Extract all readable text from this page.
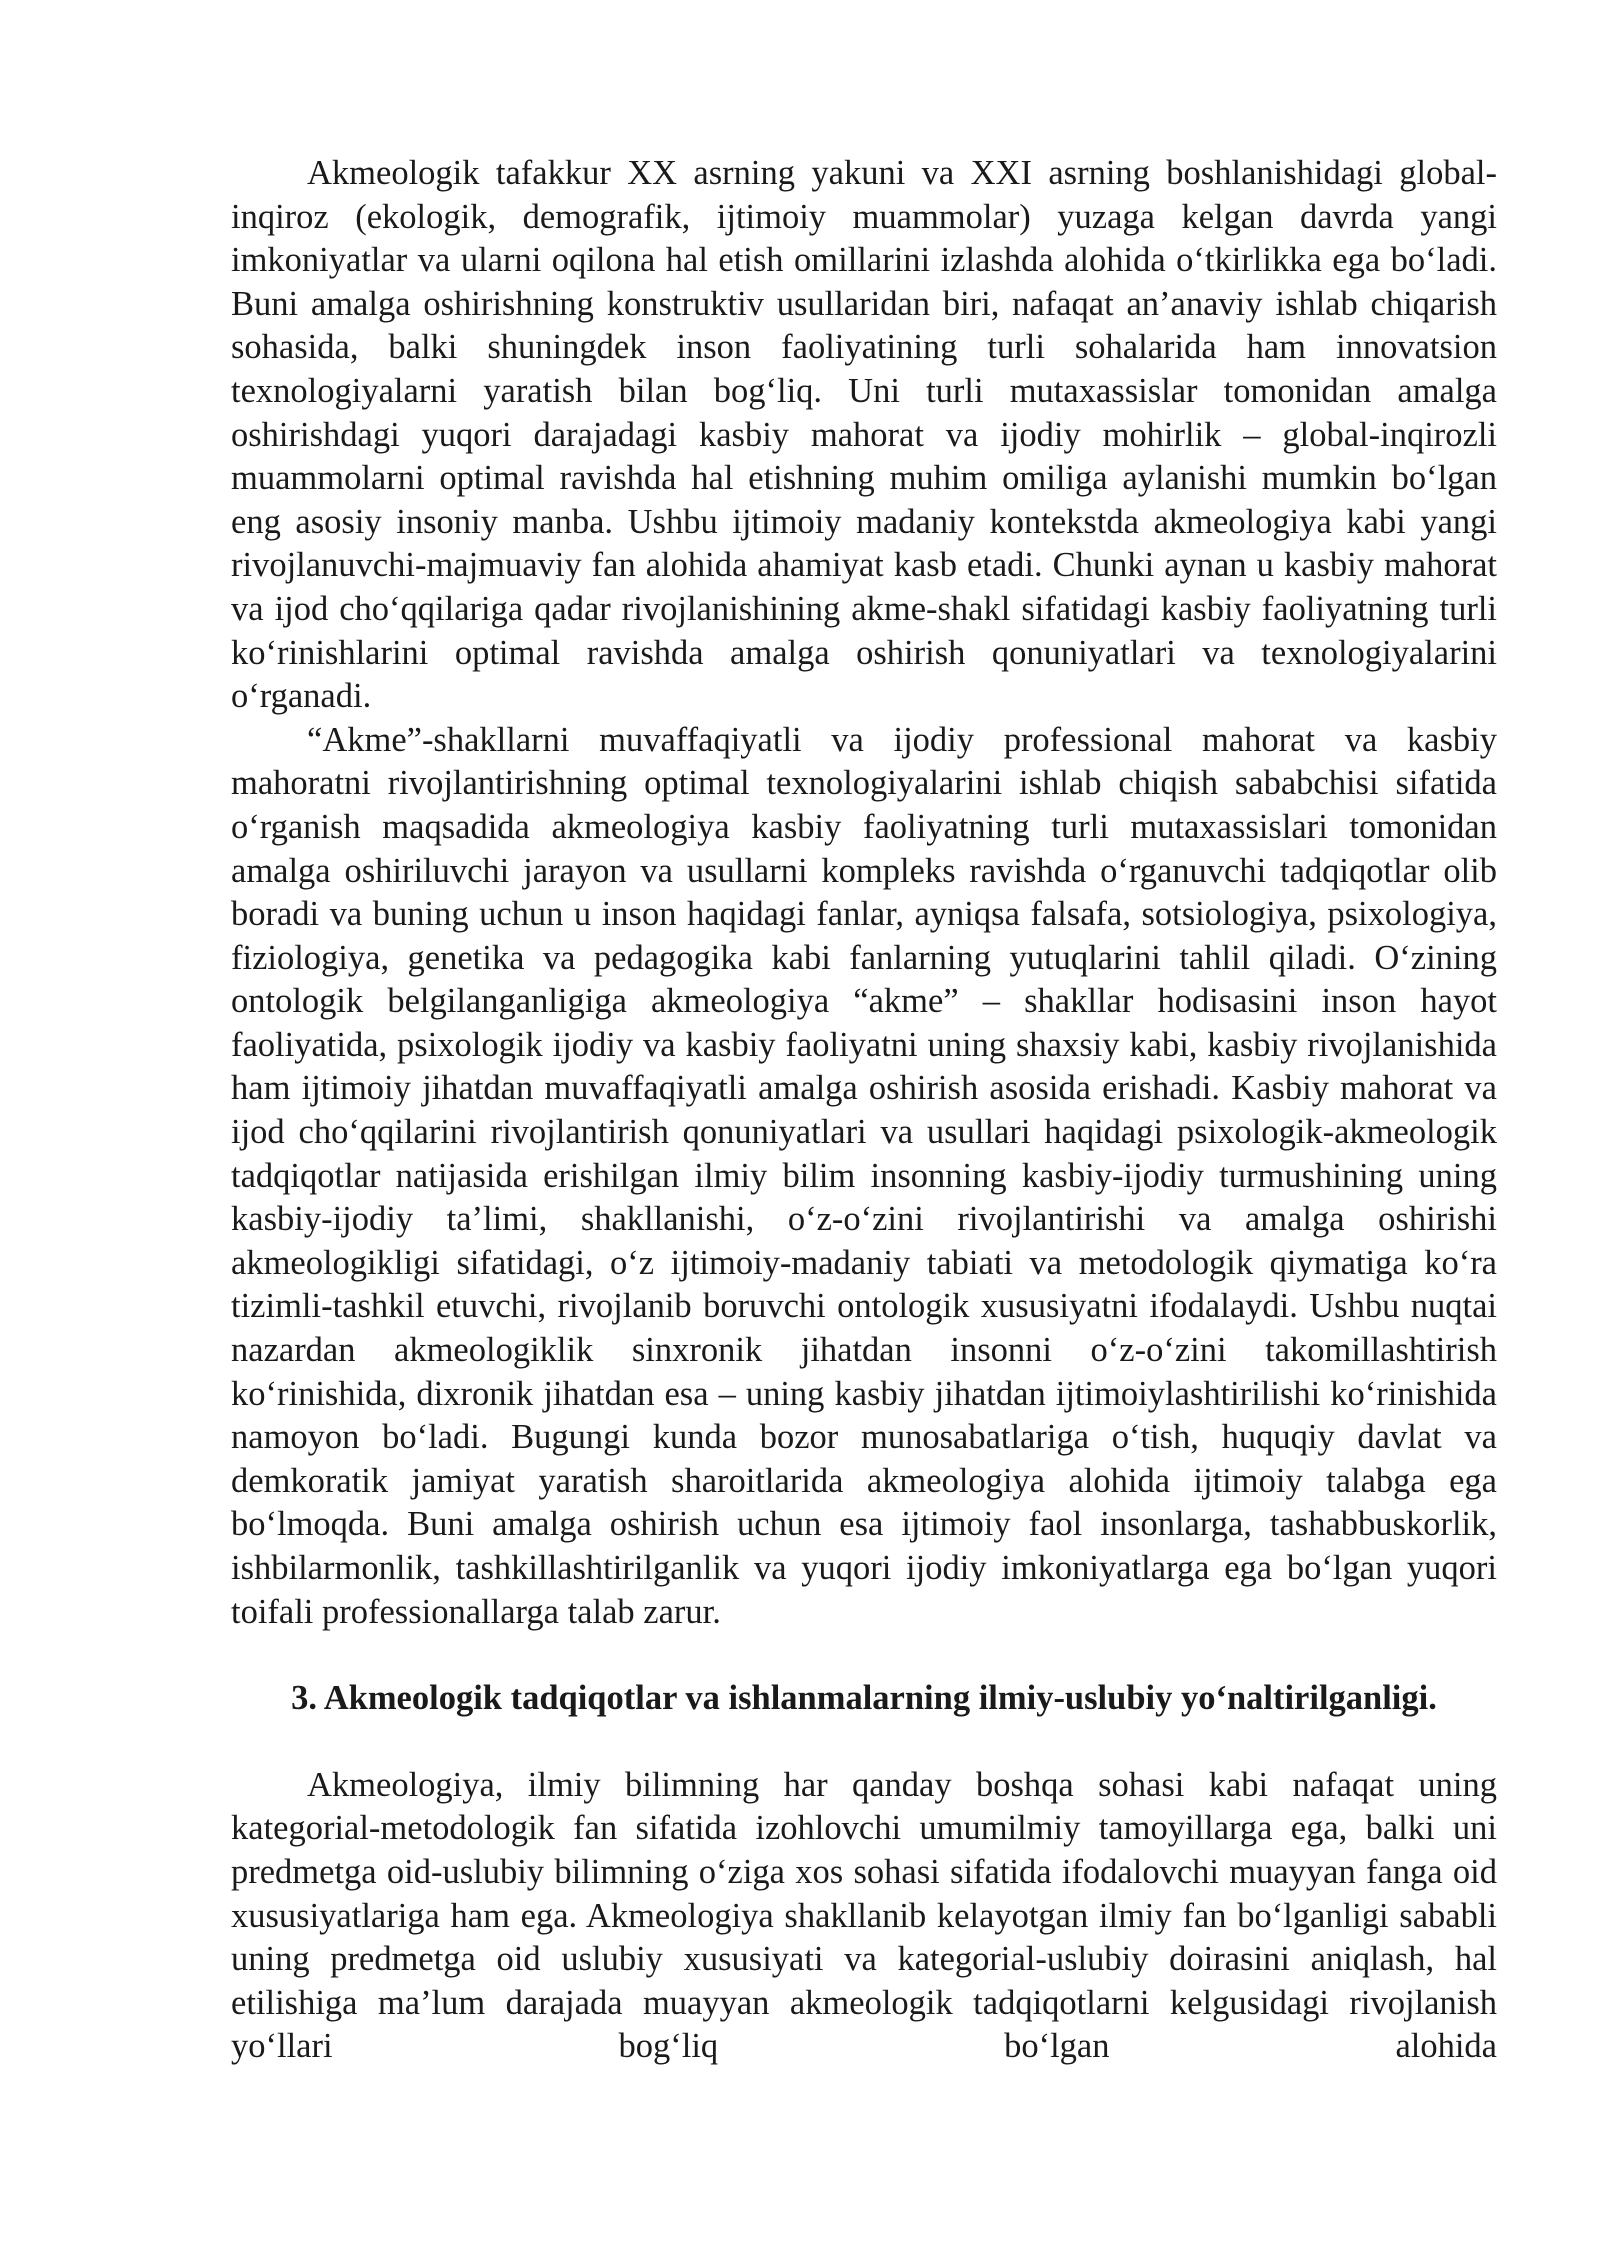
Akmeologik tafakkur XX asrning yakuni va XXI asrning boshlanishidagi global-inqiroz (ekologik, demografik, ijtimoiy muammolar) yuzaga kelgan davrda yangi imkoniyatlar va ularni oqilona hal etish omillarini izlashda alohida o‘tkirlikka ega bo‘ladi. Buni amalga oshirishning konstruktiv usullaridan biri, nafaqat an’anaviy ishlab chiqarish sohasida, balki shuningdek inson faoliyatining turli sohalarida ham innovatsion texnologiyalarni yaratish bilan bog‘liq. Uni turli mutaxassislar tomonidan amalga oshirishdagi yuqori darajadagi kasbiy mahorat va ijodiy mohirlik – global-inqirozli muammolarni optimal ravishda hal etishning muhim omiliga aylanishi mumkin bo‘lgan eng asosiy insoniy manba. Ushbu ijtimoiy madaniy kontekstda akmeologiya kabi yangi rivojlanuvchi-majmuaviy fan alohida ahamiyat kasb etadi. Chunki aynan u kasbiy mahorat va ijod cho‘qqilariga qadar rivojlanishining akme-shakl sifatidagi kasbiy faoliyatning turli ko‘rinishlarini optimal ravishda amalga oshirish qonuniyatlari va texnologiyalarini o‘rganadi.

“Akme”-shakllarni muvaffaqiyatli va ijodiy professional mahorat va kasbiy mahoratni rivojlantirishning optimal texnologiyalarini ishlab chiqish sababchisi sifatida o‘rganish maqsadida akmeologiya kasbiy faoliyatning turli mutaxassislari tomonidan amalga oshiriluvchi jarayon va usullarni kompleks ravishda o‘rganuvchi tadqiqotlar olib boradi va buning uchun u inson haqidagi fanlar, ayniqsa falsafa, sotsiologiya, psixologiya, fiziologiya, genetika va pedagogika kabi fanlarning yutuqlarini tahlil qiladi. O‘zining ontologik belgilanganligiga akmeologiya “akme” – shakllar hodisasini inson hayot faoliyatida, psixologik ijodiy va kasbiy faoliyatni uning shaxsiy kabi, kasbiy rivojlanishida ham ijtimoiy jihatdan muvaffaqiyatli amalga oshirish asosida erishadi. Kasbiy mahorat va ijod cho‘qqilarini rivojlantirish qonuniyatlari va usullari haqidagi psixologik-akmeologik tadqiqotlar natijasida erishilgan ilmiy bilim insonning kasbiy-ijodiy turmushining uning kasbiy-ijodiy ta’limi, shakllanishi, o‘z-o‘zini rivojlantirishi va amalga oshirishi akmeologikligi sifatidagi, o‘z ijtimoiy-madaniy tabiati va metodologik qiymatiga ko‘ra tizimli-tashkil etuvchi, rivojlanib boruvchi ontologik xususiyatni ifodalaydi. Ushbu nuqtai nazardan akmeologiklik sinxronik jihatdan insonni o‘z-o‘zini takomillashtirish ko‘rinishida, dixronik jihatdan esa – uning kasbiy jihatdan ijtimoiylashtirilishi ko‘rinishida namoyon bo‘ladi. Bugungi kunda bozor munosabatlariga o‘tish, huquqiy davlat va demkoratik jamiyat yaratish sharoitlarida akmeologiya alohida ijtimoiy talabga ega bo‘lmoqda. Buni amalga oshirish uchun esa ijtimoiy faol insonlarga, tashabbuskorlik, ishbilarmonlik, tashkillashtirilganlik va yuqori ijodiy imkoniyatlarga ega bo‘lgan yuqori toifali professionallarga talab zarur.

3. Akmeologik tadqiqotlar va ishlanmalarning ilmiy-uslubiy yo‘naltirilganligi.

Akmeologiya, ilmiy bilimning har qanday boshqa sohasi kabi nafaqat uning kategorial-metodologik fan sifatida izohlovchi umumilmiy tamoyillarga ega, balki uni predmetga oid-uslubiy bilimning o‘ziga xos sohasi sifatida ifodalovchi muayyan fanga oid xususiyatlariga ham ega. Akmeologiya shakllanib kelayotgan ilmiy fan bo‘lganligi sababli uning predmetga oid uslubiy xususiyati va kategorial-uslubiy doirasini aniqlash, hal etilishiga ma’lum darajada muayyan akmeologik tadqiqotlarni kelgusidagi rivojlanish yo‘llari bog‘liq bo‘lgan alohida
